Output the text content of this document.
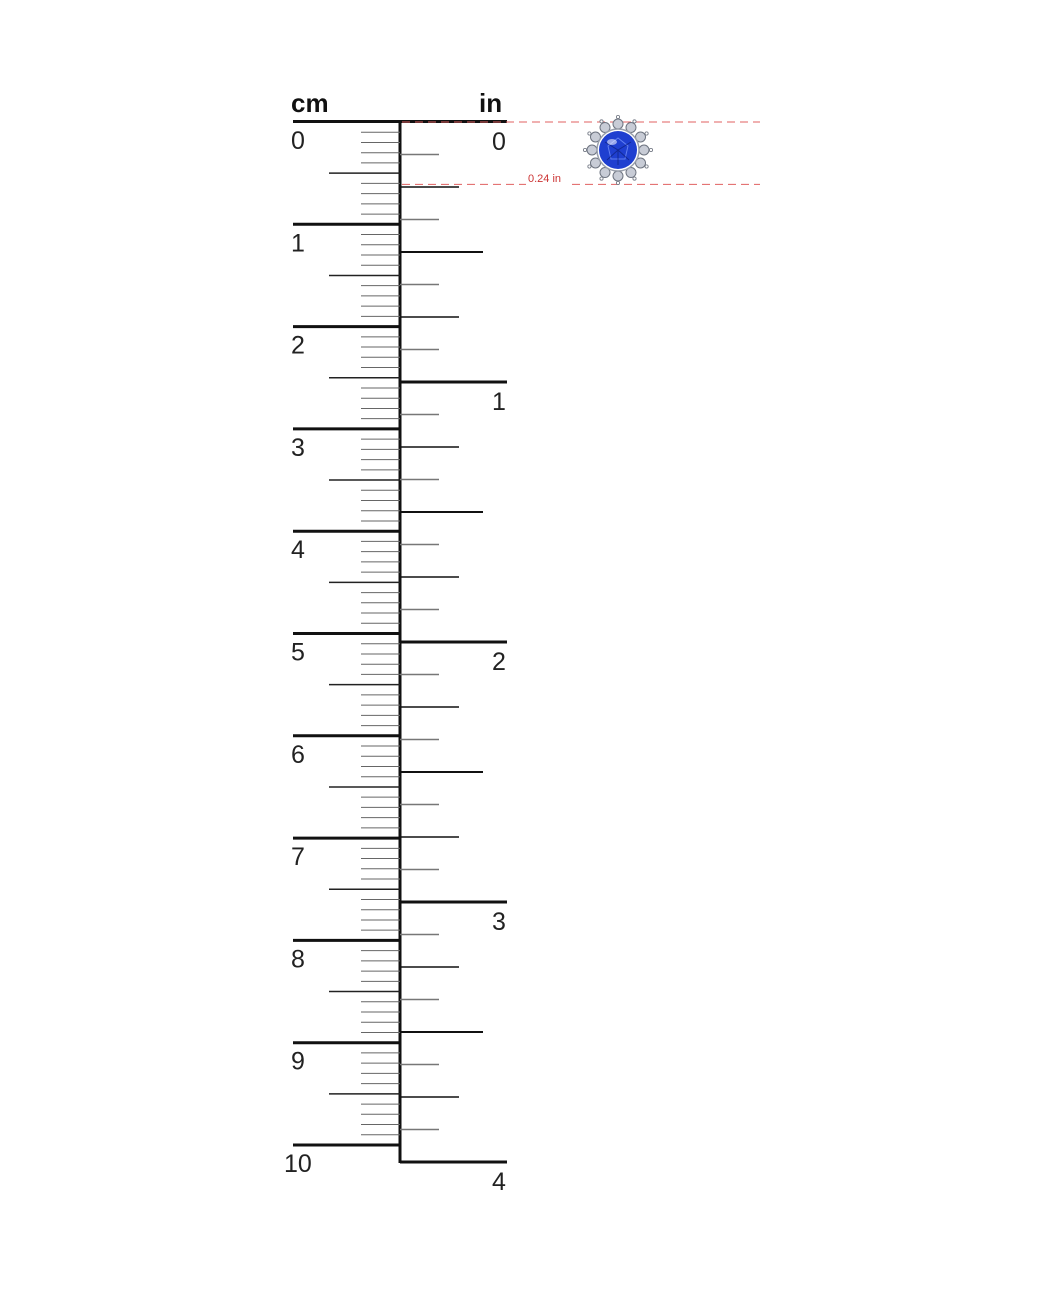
cm	in
0
1
2
3
4
5
6
7
8
9
10
0
1
2
3
4
0.24 in
